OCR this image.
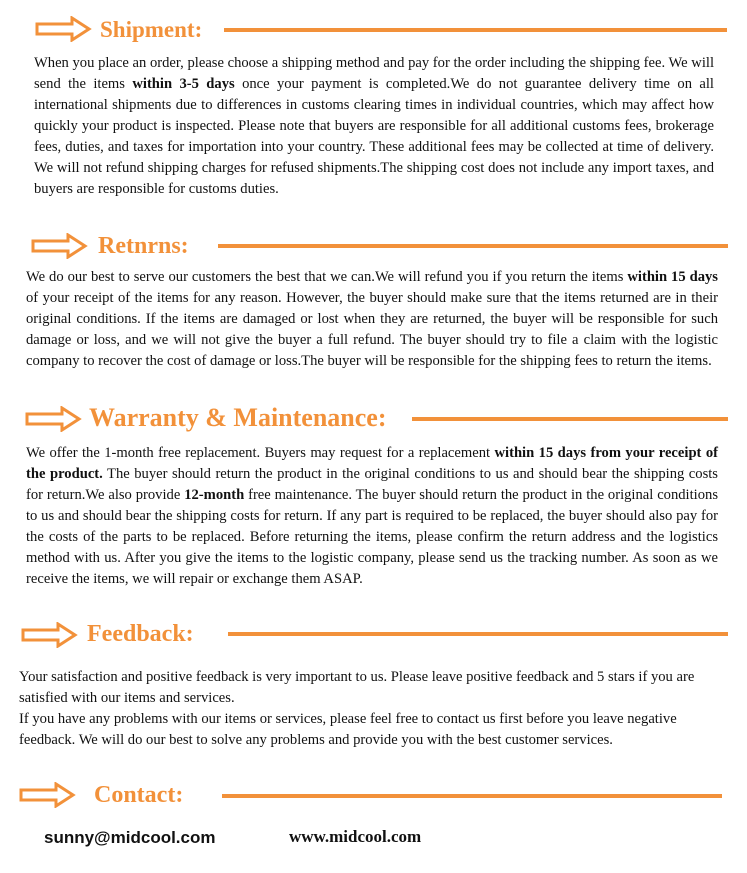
Shipment:
When you place an order, please choose a shipping method and pay for the order including the shipping fee. We will send the items within 3-5 days once your payment is completed.We do not guarantee delivery time on all international shipments due to differences in customs clearing times in individual countries, which may affect how quickly your product is inspected. Please note that buyers are responsible for all additional customs fees, brokerage fees, duties, and taxes for importation into your country. These additional fees may be collected at time of delivery. We will not refund shipping charges for refused shipments.The shipping cost does not include any import taxes, and buyers are responsible for customs duties.
Retnrns:
We do our best to serve our customers the best that we can.We will refund you if you return the items within 15 days of your receipt of the items for any reason. However, the buyer should make sure that the items returned are in their original conditions. If the items are damaged or lost when they are returned, the buyer will be responsible for such damage or loss, and we will not give the buyer a full refund. The buyer should try to file a claim with the logistic company to recover the cost of damage or loss.The buyer will be responsible for the shipping fees to return the items.
Warranty & Maintenance:
We offer the 1-month free replacement. Buyers may request for a replacement within 15 days from your receipt of the product. The buyer should return the product in the original conditions to us and should bear the shipping costs for return.We also provide 12-month free maintenance. The buyer should return the product in the original conditions to us and should bear the shipping costs for return. If any part is required to be replaced, the buyer should also pay for the costs of the parts to be replaced. Before returning the items, please confirm the return address and the logistics method with us. After you give the items to the logistic company, please send us the tracking number. As soon as we receive the items, we will repair or exchange them ASAP.
Feedback:
Your satisfaction and positive feedback is very important to us. Please leave positive feedback and 5 stars if you are satisfied with our items and services.
If you have any problems with our items or services, please feel free to contact us first before you leave negative feedback. We will do our best to solve any problems and provide you with the best customer services.
Contact:
sunny@midcool.com	www.midcool.com
